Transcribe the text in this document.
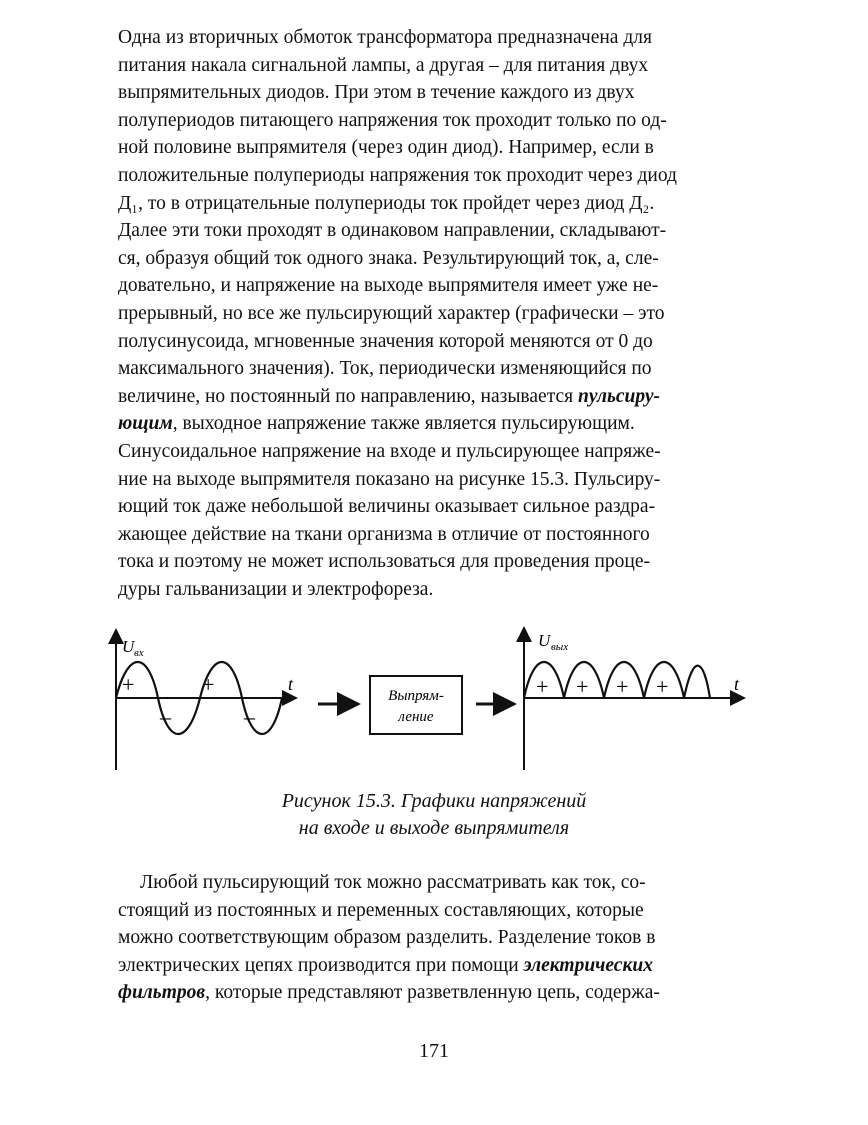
Одна из вторичных обмоток трансформатора предназначена для
питания накала сигнальной лампы, а другая – для питания двух
выпрямительных диодов. При этом в течение каждого из двух
полупериодов питающего напряжения ток проходит только по од-
ной половине выпрямителя (через один диод). Например, если в
положительные полупериоды напряжения ток проходит через диод
Д₁, то в отрицательные полупериоды ток пройдет через диод Д₂.
Далее эти токи проходят в одинаковом направлении, складывают-
ся, образуя общий ток одного знака. Результирующий ток, а, сле-
довательно, и напряжение на выходе выпрямителя имеет уже не-
прерывный, но все же пульсирующий характер (графически – это
полусинусоида, мгновенные значения которой меняются от 0 до
максимального значения). Ток, периодически изменяющийся по
величине, но постоянный по направлению, называется пульсиру-
ющим, выходное напряжение также является пульсирующим.
Синусоидальное напряжение на входе и пульсирующее напряже-
ние на выходе выпрямителя показано на рисунке 15.3. Пульсиру-
ющий ток даже небольшой величины оказывает сильное раздра-
жающее действие на ткани организма в отличие от постоянного
тока и поэтому не может использоваться для проведения проце-
дуры гальванизации и электрофореза.

U вх
t
+	+
–	–
Выпрям-
ление
U вых
t
+ + + +
Рисунок 15.3. Графики напряжений
на входе и выходе выпрямителя

Любой пульсирующий ток можно рассматривать как ток, со-
стоящий из постоянных и переменных составляющих, которые
можно соответствующим образом разделить. Разделение токов в
электрических цепях производится при помощи электрических
фильтров, которые представляют разветвленную цепь, содержа-

171
